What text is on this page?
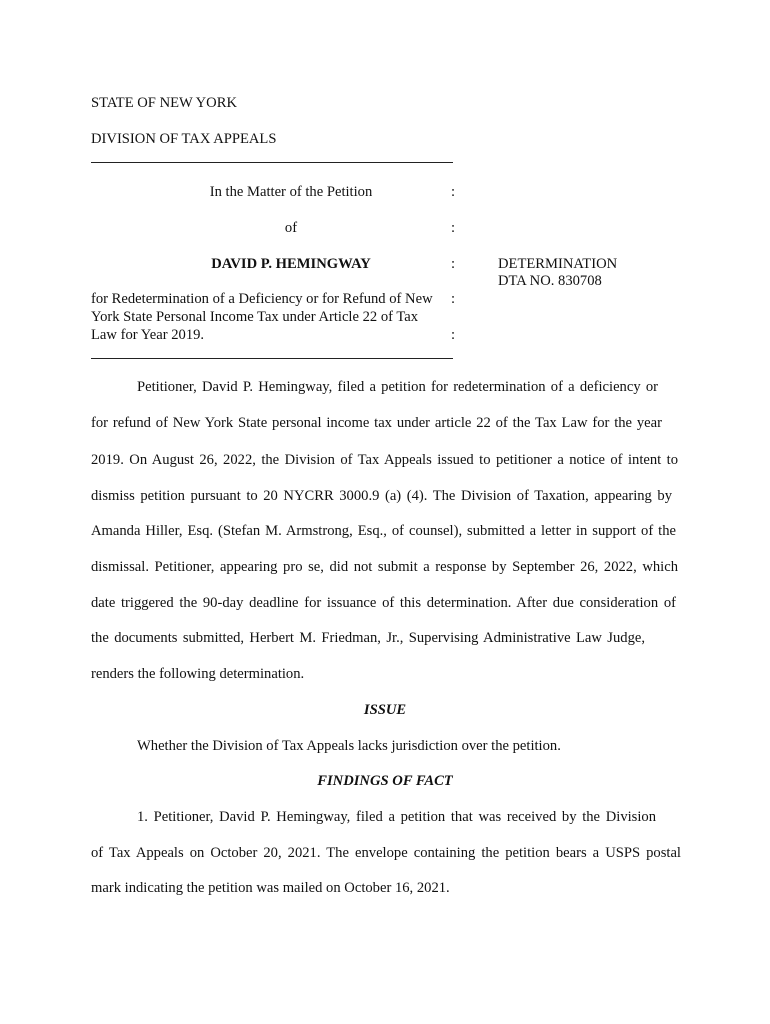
STATE OF NEW YORK
DIVISION OF TAX APPEALS
In the Matter of the Petition	:
of	:
DAVID P. HEMINGWAY	:	DETERMINATION
DTA NO. 830708
for Redetermination of a Deficiency or for Refund of New :
York State Personal Income Tax under Article 22 of Tax
Law for Year 2019.	:
Petitioner, David P. Hemingway, filed a petition for redetermination of a deficiency or
for refund of New York State personal income tax under article 22 of the Tax Law for the year
2019. On August 26, 2022, the Division of Tax Appeals issued to petitioner a notice of intent to
dismiss petition pursuant to 20 NYCRR 3000.9 (a) (4). The Division of Taxation, appearing by
Amanda Hiller, Esq. (Stefan M. Armstrong, Esq., of counsel), submitted a letter in support of the
dismissal. Petitioner, appearing pro se, did not submit a response by September 26, 2022, which
date triggered the 90-day deadline for issuance of this determination. After due consideration of
the documents submitted, Herbert M. Friedman, Jr., Supervising Administrative Law Judge,
renders the following determination.
ISSUE
Whether the Division of Tax Appeals lacks jurisdiction over the petition.
FINDINGS OF FACT
1. Petitioner, David P. Hemingway, filed a petition that was received by the Division
of Tax Appeals on October 20, 2021. The envelope containing the petition bears a USPS postal
mark indicating the petition was mailed on October 16, 2021.
